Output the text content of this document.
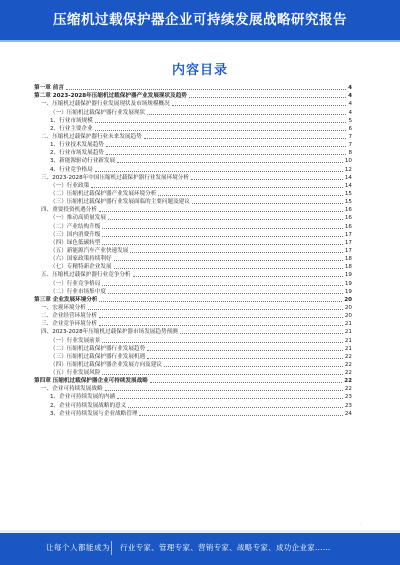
压缩机过载保护器企业可持续发展战略研究报告
内容目录
第一章 前言	4
第二章 2023-2028年压缩机过载保护器产业发展现状及趋势	4
一、压缩机过载保护器行业发展现状及市场规模概况	4
（一）压缩机过载保护器行业发展现状	4
1、行业市场规模	5
2、行业主要企业	6
二、压缩机过载保护器行业未来发展趋势	7
1、行业技术发展趋势	7
2、行业市场发展趋势	8
3、新能源驱动行业新发展	10
4、行业竞争格局	12
三、2023-2028年中国压缩机过载保护器行业发展环境分析	14
（一）行业政策	14
（二）压缩机过载保护器产业发展环境分析	15
（三）压缩机过载保护器行业发展面临的主要问题及建议	15
四、重要投资机遇分析	16
（一）推动高质量发展	16
（二）产业结构升级	16
（三）国内消费升级	17
（四）绿色低碳转型	17
（五）新能源汽车产业快速发展	17
（六）国家政策持续利好	18
（七）专精特新企业发展	18
五、压缩机过载保护器行业竞争分析	19
（一）行业竞争格局	19
（二）行业市场集中度	19
第三章 企业发展环境分析	20
一、宏观环境分析	20
二、企业经营环境分析	20
三、企业竞争环境分析	21
四、2023-2028年压缩机过载保护器市场发展趋势预测	21
（一）行业发展前景	21
（二）压缩机过载保护器行业发展趋势	21
（三）压缩机过载保护器行业发展机遇	22
（四）压缩机过载保护器企业发展方向及建议	22
（五）行业发展风险	22
第四章 压缩机过载保护器企业可持续发展战略	22
一、企业可持续发展战略	22
1、企业可持续发展的内涵	23
2、企业可持续发展战略的意义	23
3、企业可持续发展与企业战略管理	24
·
让每个人都能成为 行业专家、管理专家、营销专家、战略专家、成功企业家……
